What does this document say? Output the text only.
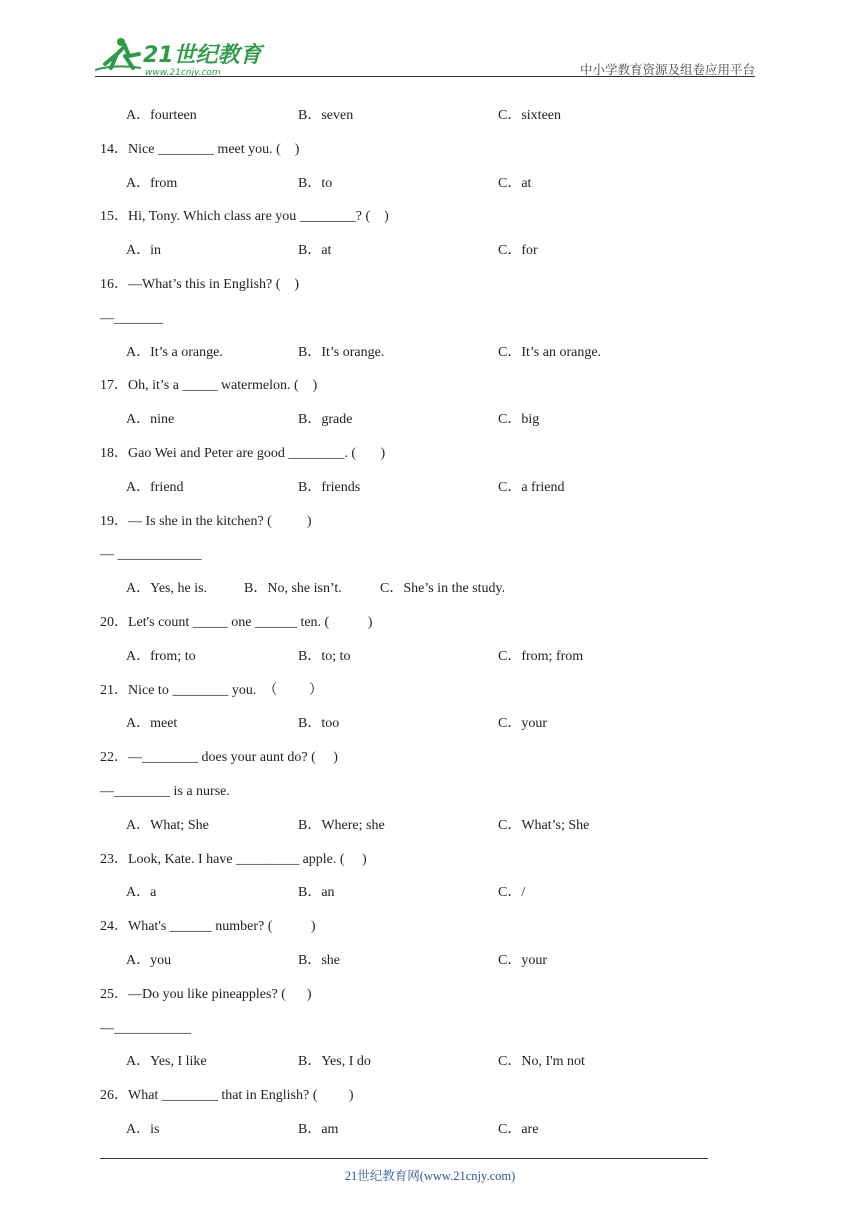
21世纪教育
www.21cnjy.com	中小学教育资源及组卷应用平台
A．fourteen	B．seven	C．sixteen
14．Nice ________ meet you. (    )
A．from	B．to	C．at
15．Hi, Tony. Which class are you ________? (    )
A．in	B．at	C．for
16．—What’s this in English? (    )
—_______
A．It’s a orange.	B．It’s orange.	C．It’s an orange.
17．Oh, it’s a _____ watermelon. (    )
A．nine	B．grade	C．big
18．Gao Wei and Peter are good ________. (       )
A．friend	B．friends	C．a friend
19．— Is she in the kitchen? (          )
— ____________
A．Yes, he is.	B．No, she isn’t.	C．She’s in the study.
20．Let's count _____ one ______ ten. (           )
A．from; to	B．to; to	C．from; from
21．Nice to ________ you.  （         ）
A．meet	B．too	C．your
22．—________ does your aunt do? (     )
—________ is a nurse.
A．What; She	B．Where; she	C．What’s; She
23．Look, Kate. I have _________ apple. (     )
A．a	B．an	C．/
24．What's ______ number? (           )
A．you	B．she	C．your
25．—Do you like pineapples? (      )
—___________
A．Yes, I like	B．Yes, I do	C．No, I'm not
26．What ________ that in English? (         )
A．is	B．am	C．are
21世纪教育网(www.21cnjy.com)
